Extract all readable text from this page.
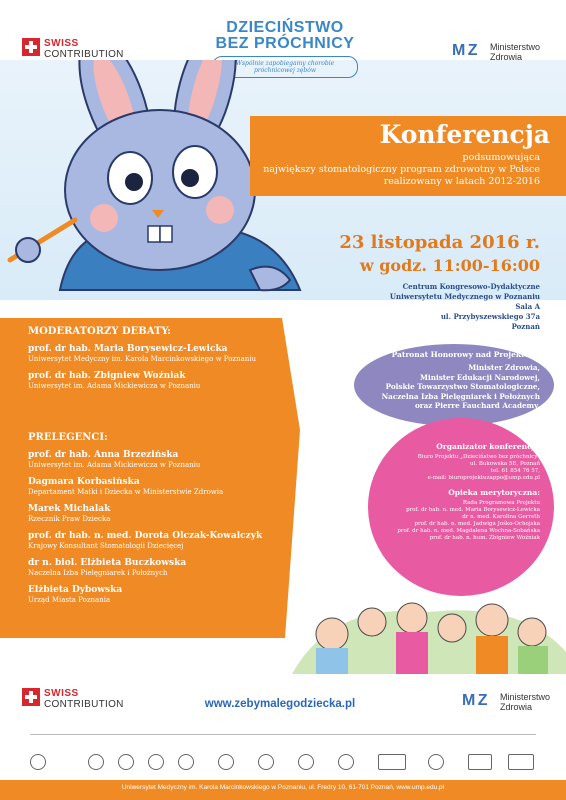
SWISS
CONTRIBUTION
DZIECIŃSTWO
BEZ PRÓCHNICY
Wspólnie zapobiegamy chorobie próchnicowej zębów
M Z Ministerstwo
Zdrowia
Konferencja
podsumowująca
największy stomatologiczny program zdrowotny w Polsce
realizowany w latach 2012-2016
23 listopada 2016 r.
w godz. 11:00-16:00
Centrum Kongresowo-Dydaktyczne
Uniwersytetu Medycznego w Poznaniu
Sala A
ul. Przybyszewskiego 37a
Poznań
MODERATORZY DEBATY:
prof. dr hab. Maria Borysewicz-Lewicka
Uniwersytet Medyczny im. Karola Marcinkowskiego w Poznaniu
prof. dr hab. Zbigniew Woźniak
Uniwersytet im. Adama Mickiewicza w Poznaniu
PRELEGENCI:
prof. dr hab. Anna Brzezińska
Uniwersytet im. Adama Mickiewicza w Poznaniu
Dagmara Korbasińska
Departament Matki i Dziecka w Ministerstwie Zdrowia
Marek Michalak
Rzecznik Praw Dziecka
prof. dr hab. n. med. Dorota Olczak-Kowalczyk
Krajowy Konsultant Stomatologii Dziecięcej
dr n. biol. Elżbieta Buczkowska
Naczelna Izba Pielęgniarek i Położnych
Elżbieta Dybowska
Urząd Miasta Poznania
Patronat Honorowy nad Projektem:
Minister Zdrowia,
Minister Edukacji Narodowej,
Polskie Towarzystwo Stomatologiczne,
Naczelna Izba Pielęgniarek i Położnych
oraz Pierre Fauchard Academy.
Organizator konferencji:
Biuro Projektu „Dzieciństwo bez próchnicy"
ul. Bukowska 5E, Poznań
tel. 61 854 76 57,
e-mail: biuroprojektuzappo@ump.edu.pl
Opieka merytoryczna:
Rada Programowa Projektu
prof. dr hab. n. med. Maria Borysewicz-Lewicka
dr n. med. Karolina Gerreth
prof. dr hab. n. med. Jadwiga Jośko-Ochojska
prof. dr hab. n. med. Magdalena Wochna-Sobańska
prof. dr hab. n. hum. Zbigniew Woźniak
SWISS
CONTRIBUTION	www.zebymalegodziecka.pl	M Z Ministerstwo
Zdrowia
Uniwersytet Medyczny im. Karola Marcinkowskiego w Poznaniu, ul. Fredry 10, 61-701 Poznań, www.ump.edu.pl
